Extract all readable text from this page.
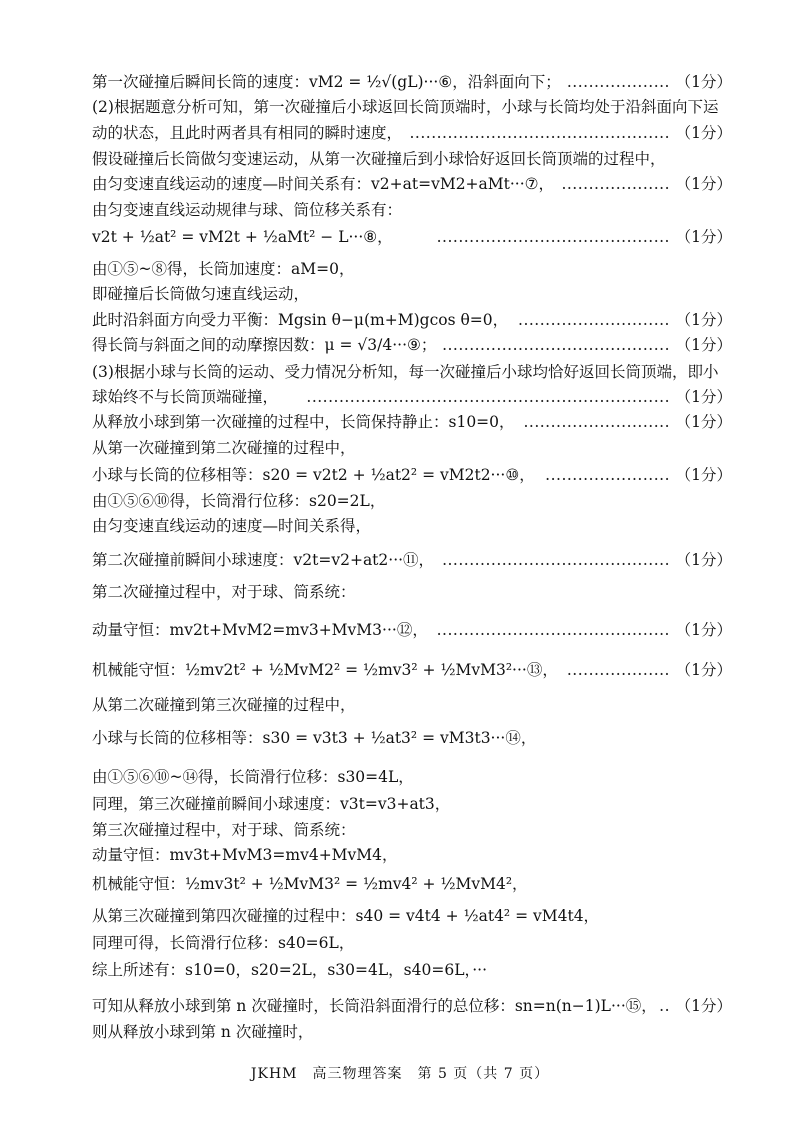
第一次碰撞后瞬间长筒的速度：vM2 = ½√(gL)···⑥，沿斜面向下； ................... （1分）
(2)根据题意分析可知，第一次碰撞后小球返回长筒顶端时，小球与长筒均处于沿斜面向下运
动的状态，且此时两者具有相同的瞬时速度， ................................................ （1分）
假设碰撞后长筒做匀变速运动，从第一次碰撞后到小球恰好返回长筒顶端的过程中，
由匀变速直线运动的速度—时间关系有：v2+at=vM2+aMt···⑦， .................... （1分）
由匀变速直线运动规律与球、筒位移关系有：
v2t + ½at² = vM2t + ½aMt² − L···⑧，	........................................... （1分）
由①⑤~⑧得，长筒加速度：aM=0，
即碰撞后长筒做匀速直线运动，
此时沿斜面方向受力平衡：Mgsin θ−μ(m+M)gcos θ=0， ............................ （1分）
得长筒与斜面之间的动摩擦因数：μ = √3/4···⑨； .......................................... （1分）
(3)根据小球与长筒的运动、受力情况分析知，每一次碰撞后小球均恰好返回长筒顶端，即小
球始终不与长筒顶端碰撞， ................................................................... （1分）
从释放小球到第一次碰撞的过程中，长筒保持静止：s10=0， ........................... （1分）
从第一次碰撞到第二次碰撞的过程中，
小球与长筒的位移相等：s20 = v2t2 + ½at2² = vM2t2···⑩， ....................... （1分）
由①⑤⑥⑩得，长筒滑行位移：s20=2L，
由匀变速直线运动的速度—时间关系得，
第二次碰撞前瞬间小球速度：v2t=v2+at2···⑪， .......................................... （1分）
第二次碰撞过程中，对于球、筒系统：
动量守恒：mv2t+MvM2=mv3+MvM3···⑫， ........................................... （1分）
机械能守恒：½mv2t² + ½MvM2² = ½mv3² + ½MvM3²···⑬， ................... （1分）
从第二次碰撞到第三次碰撞的过程中，
小球与长筒的位移相等：s30 = v3t3 + ½at3² = vM3t3···⑭，
由①⑤⑥⑩~⑭得，长筒滑行位移：s30=4L，
同理，第三次碰撞前瞬间小球速度：v3t=v3+at3，
第三次碰撞过程中，对于球、筒系统：
动量守恒：mv3t+MvM3=mv4+MvM4，
机械能守恒：½mv3t² + ½MvM3² = ½mv4² + ½MvM4²，
从第三次碰撞到第四次碰撞的过程中：s40 = v4t4 + ½at4² = vM4t4，
同理可得，长筒滑行位移：s40=6L，
综上所述有：s10=0，s20=2L，s30=4L，s40=6L，···
可知从释放小球到第 n 次碰撞时，长筒沿斜面滑行的总位移：sn=n(n−1)L···⑮， .. （1分）
则从释放小球到第 n 次碰撞时，
JKHM　高三物理答案　第 5 页（共 7 页）
